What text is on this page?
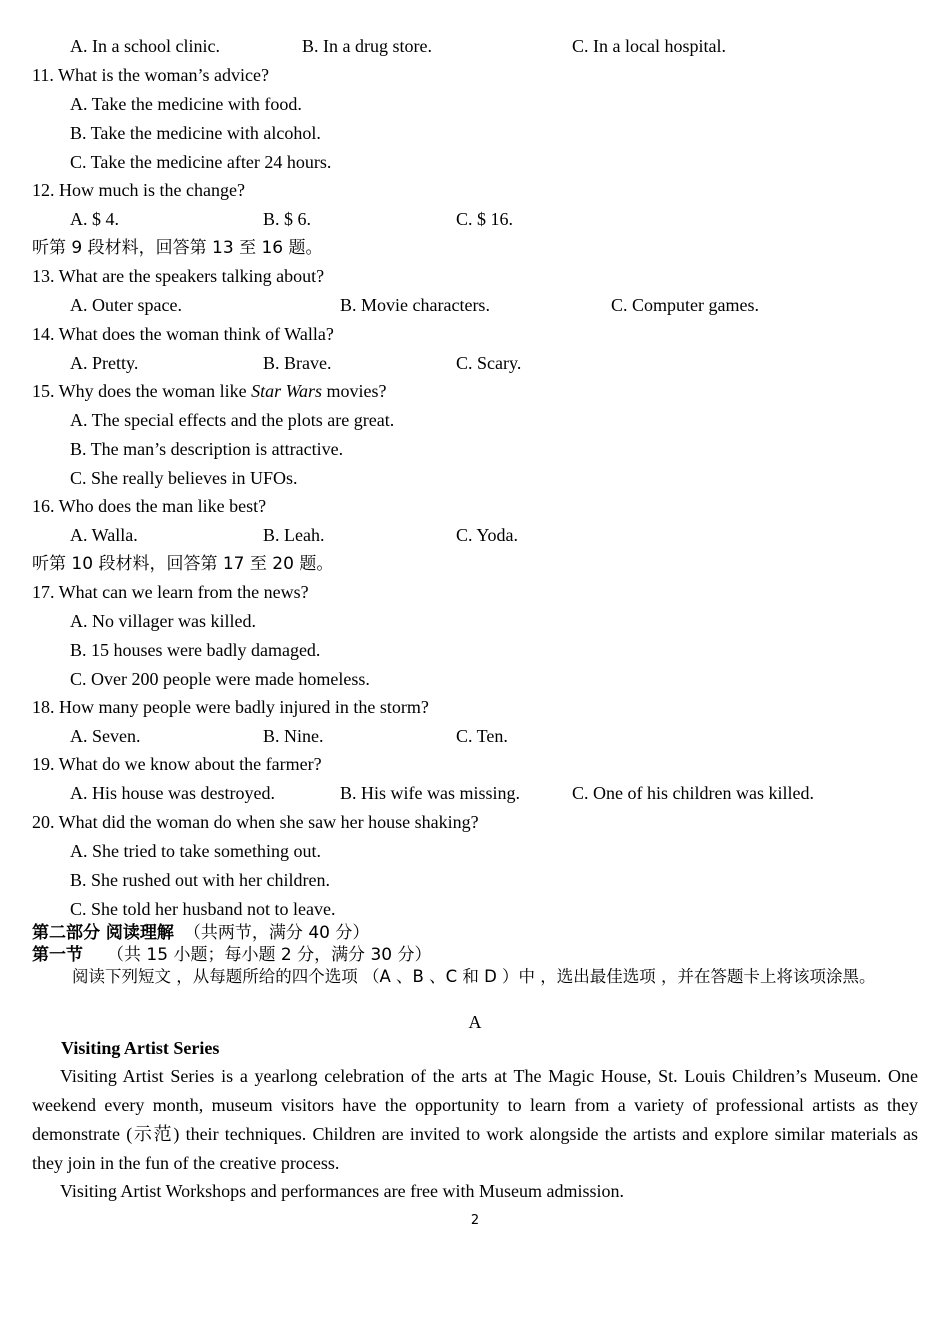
A. In a school clinic.	B. In a drug store.	C. In a local hospital.
11. What is the woman’s advice?
A. Take the medicine with food.
B. Take the medicine with alcohol.
C. Take the medicine after 24 hours.
12. How much is the change?
A. $ 4.	B. $ 6.	C. $ 16.
听第 9 段材料，回答第 13 至 16 题。
13. What are the speakers talking about?
A. Outer space.	B. Movie characters.	C. Computer games.
14. What does the woman think of Walla?
A. Pretty.	B. Brave.	C. Scary.
15. Why does the woman like Star Wars movies?
A. The special effects and the plots are great.
B. The man’s description is attractive.
C. She really believes in UFOs.
16. Who does the man like best?
A. Walla.	B. Leah.	C. Yoda.
听第 10 段材料，回答第 17 至 20 题。
17. What can we learn from the news?
A. No villager was killed.
B. 15 houses were badly damaged.
C. Over 200 people were made homeless.
18. How many people were badly injured in the storm?
A. Seven.	B. Nine.	C. Ten.
19. What do we know about the farmer?
A. His house was destroyed.	B. His wife was missing.	C. One of his children was killed.
20. What did the woman do when she saw her house shaking?
A. She tried to take something out.
B. She rushed out with her children.
C. She told her husband not to leave.
第二部分 阅读理解 （共两节，满分 40 分）
第一节 （共 15 小题；每小题 2 分，满分 30 分）
阅读下列短文 ，从每题所给的四个选项 （A 、B 、C 和 D ）中 ，选出最佳选项 ，并在答题卡上将该项涂黑。
A
Visiting Artist Series
Visiting Artist Series is a yearlong celebration of the arts at The Magic House, St. Louis Children’s Museum. One weekend every month, museum visitors have the opportunity to learn from a variety of professional artists as they demonstrate (示范) their techniques. Children are invited to work alongside the artists and explore similar materials as they join in the fun of the creative process.
Visiting Artist Workshops and performances are free with Museum admission.
2
